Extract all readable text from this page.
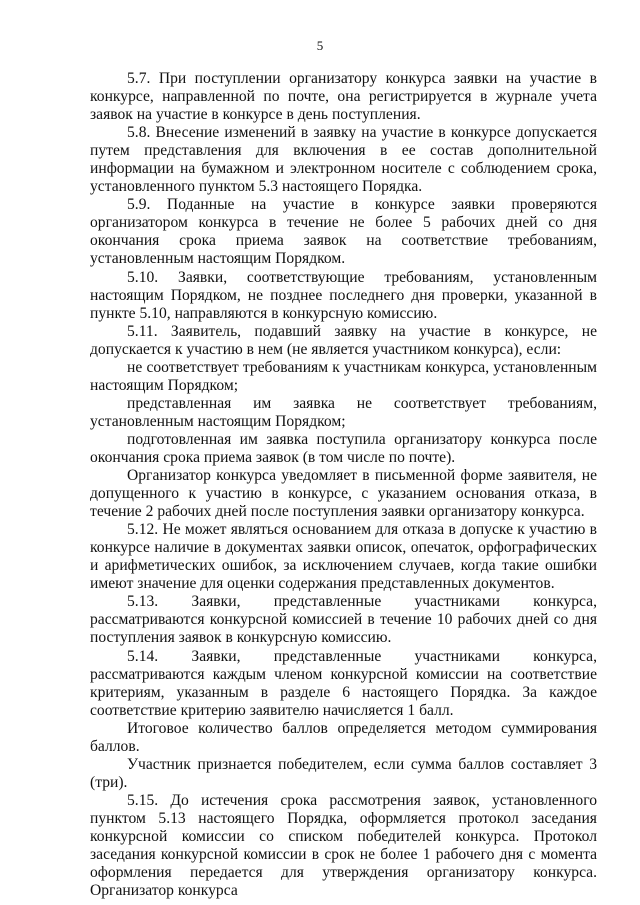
5

5.7. При поступлении организатору конкурса заявки на участие в конкурсе, направленной по почте, она регистрируется в журнале учета заявок на участие в конкурсе в день поступления.

5.8. Внесение изменений в заявку на участие в конкурсе допускается путем представления для включения в ее состав дополнительной информации на бумажном и электронном носителе с соблюдением срока, установленного пунктом 5.3 настоящего Порядка.

5.9. Поданные на участие в конкурсе заявки проверяются организатором конкурса в течение не более 5 рабочих дней со дня окончания срока приема заявок на соответствие требованиям, установленным настоящим Порядком.

5.10. Заявки, соответствующие требованиям, установленным настоящим Порядком, не позднее последнего дня проверки, указанной в пункте 5.10, направляются в конкурсную комиссию.

5.11. Заявитель, подавший заявку на участие в конкурсе, не допускается к участию в нем (не является участником конкурса), если:

не соответствует требованиям к участникам конкурса, установленным настоящим Порядком;

представленная им заявка не соответствует требованиям, установленным настоящим Порядком;

подготовленная им заявка поступила организатору конкурса после окончания срока приема заявок (в том числе по почте).

Организатор конкурса уведомляет в письменной форме заявителя, не допущенного к участию в конкурсе, с указанием основания отказа, в течение 2 рабочих дней после поступления заявки организатору конкурса.

5.12. Не может являться основанием для отказа в допуске к участию в конкурсе наличие в документах заявки описок, опечаток, орфографических и арифметических ошибок, за исключением случаев, когда такие ошибки имеют значение для оценки содержания представленных документов.

5.13. Заявки, представленные участниками конкурса, рассматриваются конкурсной комиссией в течение 10 рабочих дней со дня поступления заявок в конкурсную комиссию.

5.14. Заявки, представленные участниками конкурса, рассматриваются каждым членом конкурсной комиссии на соответствие критериям, указанным в разделе 6 настоящего Порядка. За каждое соответствие критерию заявителю начисляется 1 балл.

Итоговое количество баллов определяется методом суммирования баллов.

Участник признается победителем, если сумма баллов составляет 3 (три).

5.15. До истечения срока рассмотрения заявок, установленного пунктом 5.13 настоящего Порядка, оформляется протокол заседания конкурсной комиссии со списком победителей конкурса. Протокол заседания конкурсной комиссии в срок не более 1 рабочего дня с момента оформления передается для утверждения организатору конкурса. Организатор конкурса
